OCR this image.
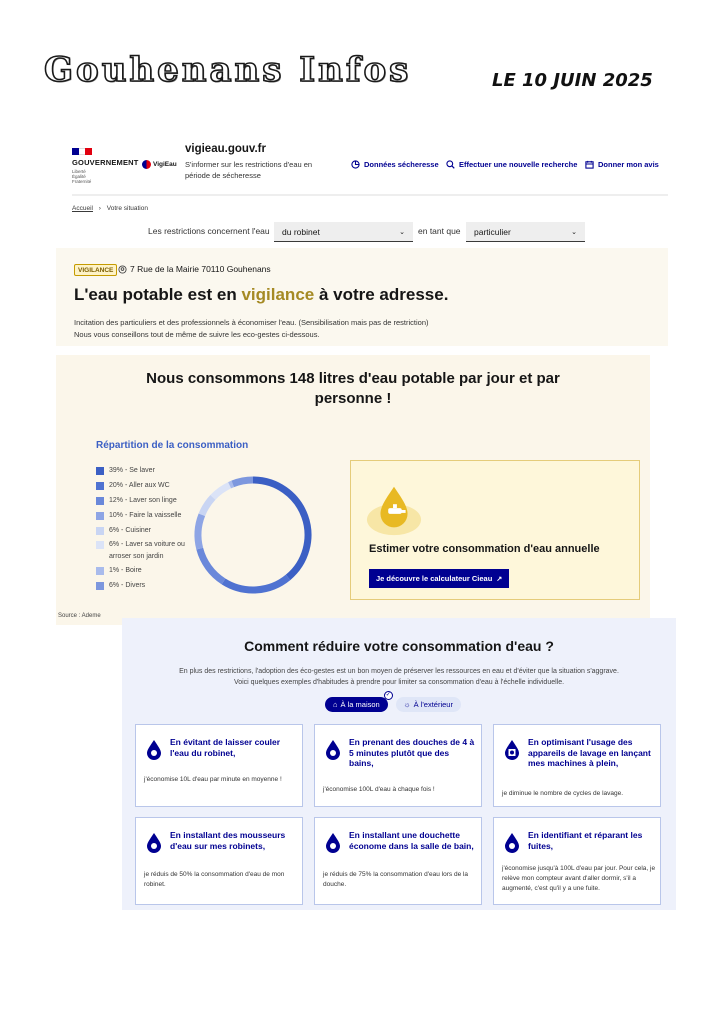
Gouhenans Infos	LE 10 JUIN 2025
GOUVERNEMENT
Liberté
Égalité
Fraternité
VigiEau
vigieau.gouv.fr
S'informer sur les restrictions d'eau en période de sécheresse
Données sécheresse	Effectuer une nouvelle recherche	Donner mon avis
Accueil › Votre situation
Les restrictions concernent l'eau du robinet	⌄ en tant que particulier	⌄
VIGILANCE	7 Rue de la Mairie 70110 Gouhenans
L'eau potable est en vigilance à votre adresse.
Incitation des particuliers et des professionnels à économiser l'eau. (Sensibilisation mais pas de restriction)
Nous vous conseillons tout de même de suivre les eco-gestes ci-dessous.
Nous consommons 148 litres d'eau potable par jour et par personne !
Répartition de la consommation
39% - Se laver
20% - Aller aux WC
12% - Laver son linge
10% - Faire la vaisselle
6% - Cuisiner
6% - Laver sa voiture ou arroser son jardin
1% - Boire
6% - Divers
Source : Ademe
Estimer votre consommation d'eau annuelle
Je découvre le calculateur Cieau ↗
Comment réduire votre consommation d'eau ?
En plus des restrictions, l'adoption des éco-gestes est un bon moyen de préserver les ressources en eau et d'éviter que la situation s'aggrave. Voici quelques exemples d'habitudes à prendre pour limiter sa consommation d'eau à l'échelle individuelle.
⌂ À la maison
✓
☼ À l'extérieur
En évitant de laisser couler l'eau du robinet,
j'économise 10L d'eau par minute en moyenne !
En prenant des douches de 4 à 5 minutes plutôt que des bains,
j'économise 100L d'eau à chaque fois !
En optimisant l'usage des appareils de lavage en lançant mes machines à plein,
je diminue le nombre de cycles de lavage.
En installant des mousseurs d'eau sur mes robinets,
je réduis de 50% la consommation d'eau de mon robinet.
En installant une douchette économe dans la salle de bain,
je réduis de 75% la consommation d'eau lors de la douche.
En identifiant et réparant les fuites,
j'économise jusqu'à 100L d'eau par jour. Pour cela, je relève mon compteur avant d'aller dormir, s'il a augmenté, c'est qu'il y a une fuite.
